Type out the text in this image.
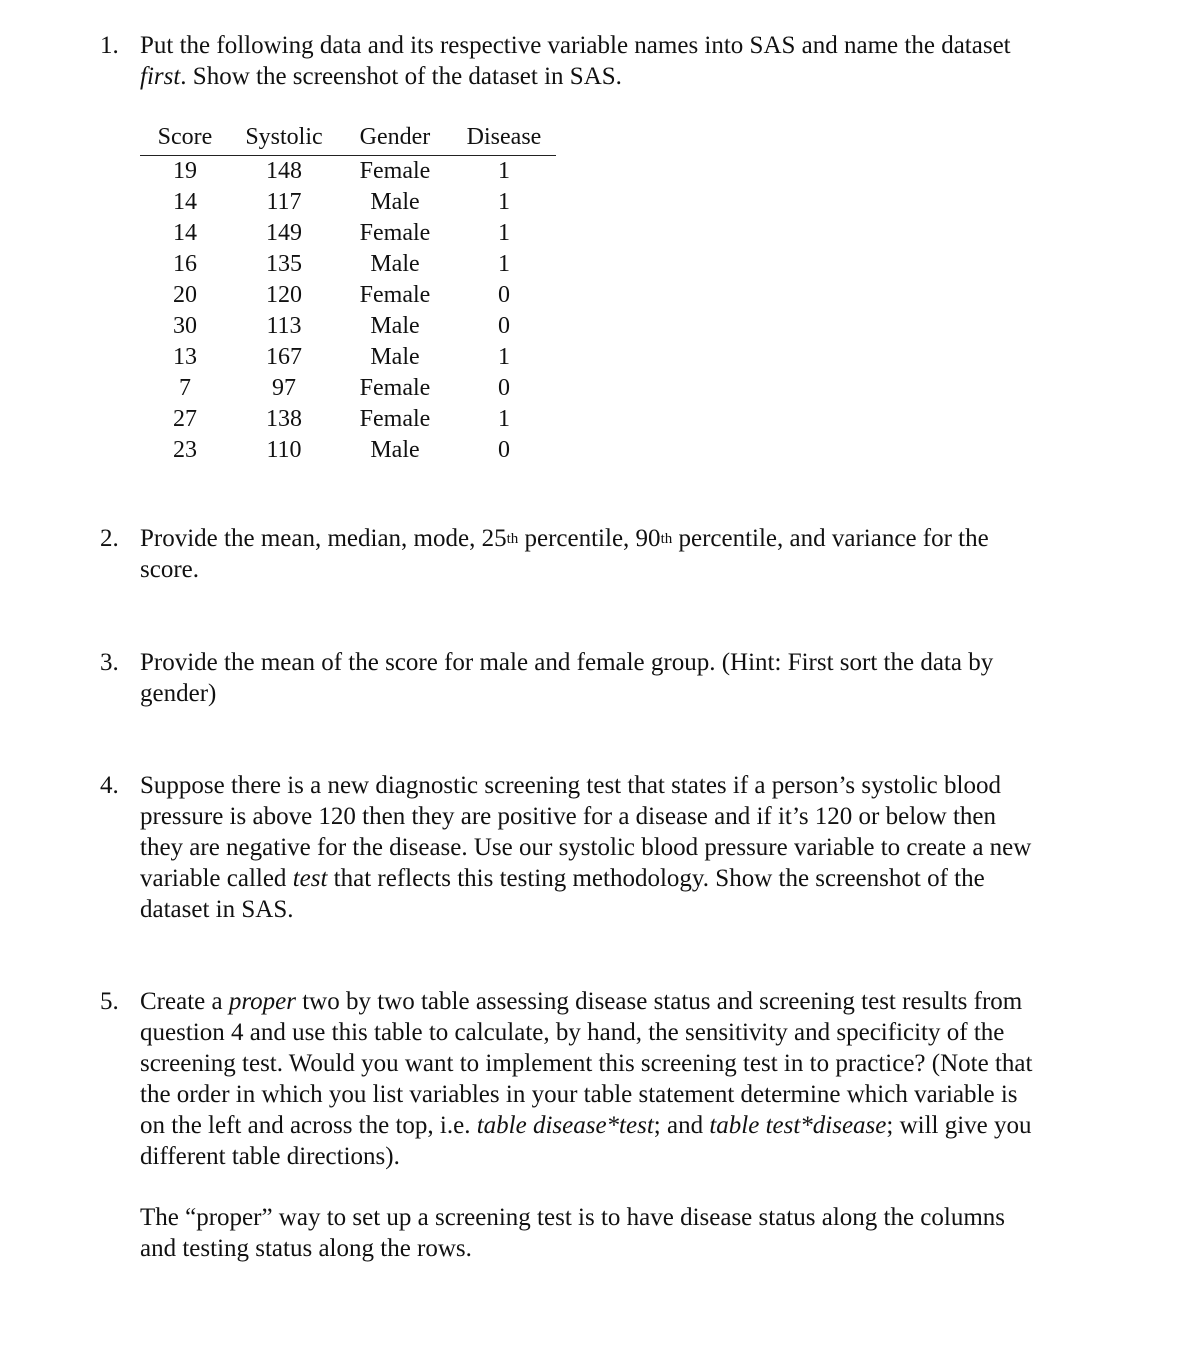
1. Put the following data and its respective variable names into SAS and name the dataset
first. Show the screenshot of the dataset in SAS.
Score	Systolic	Gender	Disease
19	148	Female	1
14	117	Male	1
14	149	Female	1
16	135	Male	1
20	120	Female	0
30	113	Male	0
13	167	Male	1
7	97	Female	0
27	138	Female	1
23	110	Male	0
2. Provide the mean, median, mode, 25th percentile, 90th percentile, and variance for the
score.
3. Provide the mean of the score for male and female group. (Hint: First sort the data by
gender)
4. Suppose there is a new diagnostic screening test that states if a person’s systolic blood
pressure is above 120 then they are positive for a disease and if it’s 120 or below then
they are negative for the disease. Use our systolic blood pressure variable to create a new
variable called test that reflects this testing methodology. Show the screenshot of the
dataset in SAS.
5. Create a proper two by two table assessing disease status and screening test results from
question 4 and use this table to calculate, by hand, the sensitivity and specificity of the
screening test. Would you want to implement this screening test in to practice? (Note that
the order in which you list variables in your table statement determine which variable is
on the left and across the top, i.e. table disease*test; and table test*disease; will give you
different table directions).
The “proper” way to set up a screening test is to have disease status along the columns
and testing status along the rows.
